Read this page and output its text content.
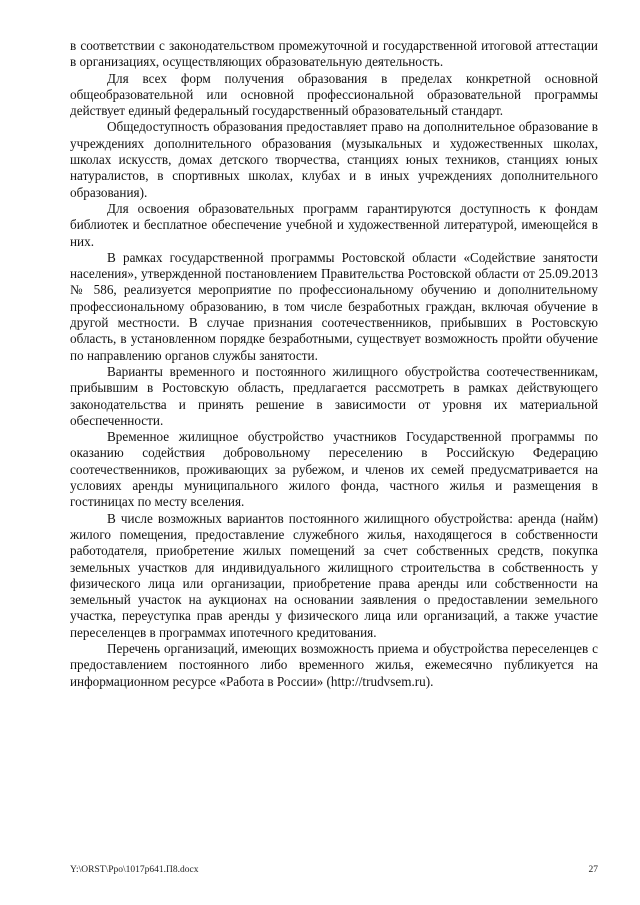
в соответствии с законодательством промежуточной и государственной итоговой аттестации в организациях, осуществляющих образовательную деятельность.

Для всех форм получения образования в пределах конкретной основной общеобразовательной или основной профессиональной образовательной программы действует единый федеральный государственный образовательный стандарт.

Общедоступность образования предоставляет право на дополнительное образование в учреждениях дополнительного образования (музыкальных и художественных школах, школах искусств, домах детского творчества, станциях юных техников, станциях юных натуралистов, в спортивных школах, клубах и в иных учреждениях дополнительного образования).

Для освоения образовательных программ гарантируются доступность к фондам библиотек и бесплатное обеспечение учебной и художественной литературой, имеющейся в них.

В рамках государственной программы Ростовской области «Содействие занятости населения», утвержденной постановлением Правительства Ростовской области от 25.09.2013 № 586, реализуется мероприятие по профессиональному обучению и дополнительному профессиональному образованию, в том числе безработных граждан, включая обучение в другой местности. В случае признания соотечественников, прибывших в Ростовскую область, в установленном порядке безработными, существует возможность пройти обучение по направлению органов службы занятости.

Варианты временного и постоянного жилищного обустройства соотечественникам, прибывшим в Ростовскую область, предлагается рассмотреть в рамках действующего законодательства и принять решение в зависимости от уровня их материальной обеспеченности.

Временное жилищное обустройство участников Государственной программы по оказанию содействия добровольному переселению в Российскую Федерацию соотечественников, проживающих за рубежом, и членов их семей предусматривается на условиях аренды муниципального жилого фонда, частного жилья и размещения в гостиницах по месту вселения.

В числе возможных вариантов постоянного жилищного обустройства: аренда (найм) жилого помещения, предоставление служебного жилья, находящегося в собственности работодателя, приобретение жилых помещений за счет собственных средств, покупка земельных участков для индивидуального жилищного строительства в собственность у физического лица или организации, приобретение права аренды или собственности на земельный участок на аукционах на основании заявления о предоставлении земельного участка, переуступка прав аренды у физического лица или организаций, а также участие переселенцев в программах ипотечного кредитования.

Перечень организаций, имеющих возможность приема и обустройства переселенцев с предоставлением постоянного либо временного жилья, ежемесячно публикуется на информационном ресурсе «Работа в России» (http://trudvsem.ru).

Y:\ORST\Ppo\1017p641.П8.docx	27
